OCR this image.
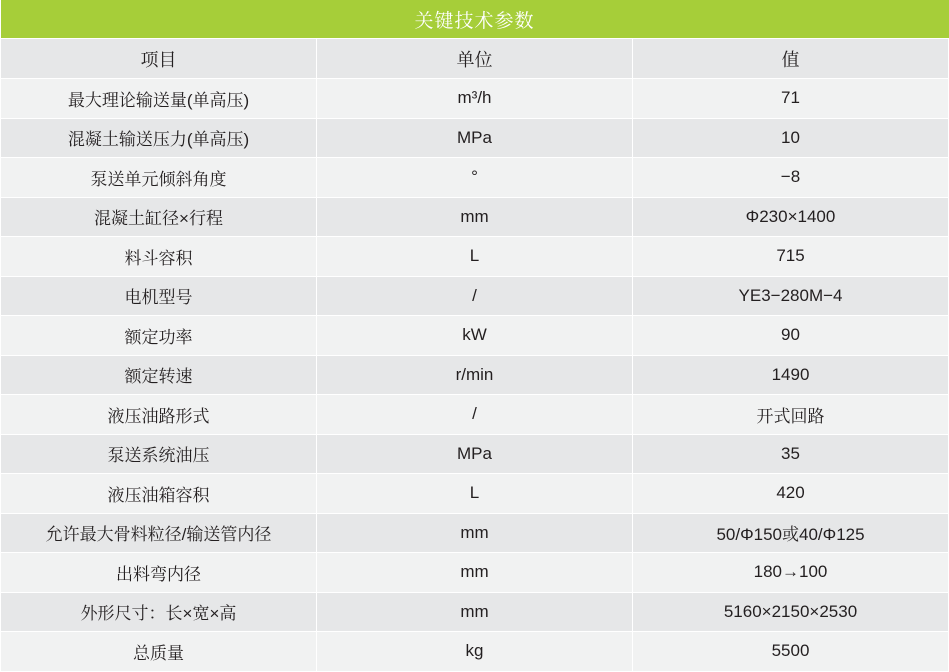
关键技术参数		
项目	单位	值
最大理论输送量(单高压)	m³/h	71
混凝土输送压力(单高压)	MPa	10
泵送单元倾斜角度	°	−8
混凝土缸径×行程	mm	Φ230×1400
料斗容积	L	715
电机型号	/	YE3−280M−4
额定功率	kW	90
额定转速	r/min	1490
液压油路形式	/	开式回路
泵送系统油压	MPa	35
液压油箱容积	L	420
允许最大骨料粒径/输送管内径	mm	50/Φ150或40/Φ125
出料弯内径	mm	180→100
外形尺寸：长×宽×高	mm	5160×2150×2530
总质量	kg	5500
